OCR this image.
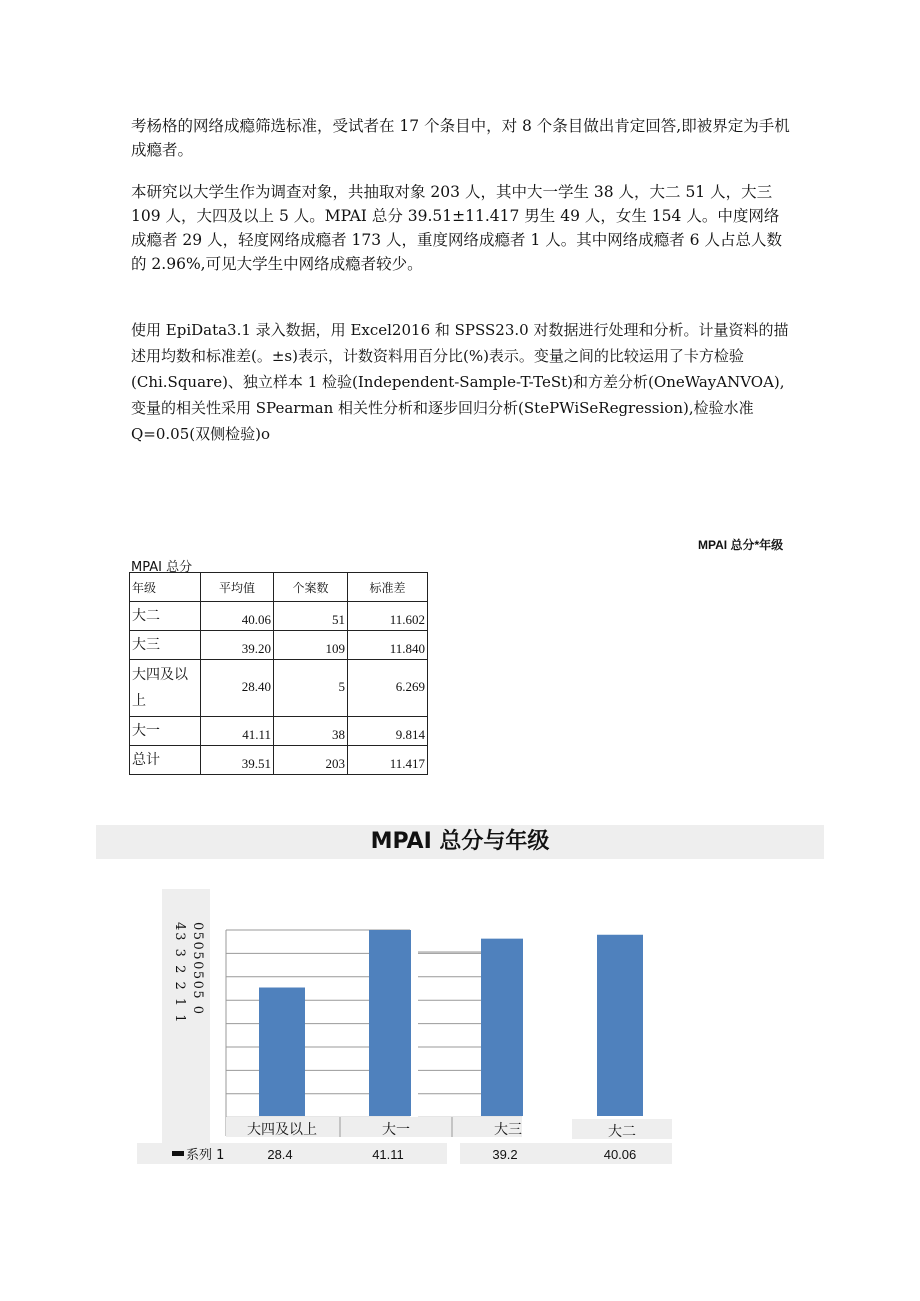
考杨格的网络成瘾筛选标准，受试者在 17 个条目中，对 8 个条目做出肯定回答,即被界定为手机成瘾者。

本研究以大学生作为调查对象，共抽取对象 203 人，其中大一学生 38 人，大二 51 人，大三 109 人，大四及以上 5 人。MPAI 总分 39.51±11.417 男生 49 人，女生 154 人。中度网络成瘾者 29 人，轻度网络成瘾者 173 人，重度网络成瘾者 1 人。其中网络成瘾者 6 人占总人数的 2.96%,可见大学生中网络成瘾者较少。

使用 EpiData3.1 录入数据，用 Excel2016 和 SPSS23.0 对数据进行处理和分析。计量资料的描述用均数和标准差(。±s)表示，计数资料用百分比(%)表示。变量之间的比较运用了卡方检验(Chi.Square)、独立样本 1 检验(Independent-Sample-T-TeSt)和方差分析(OneWayANVOA),变量的相关性采用 SPearman 相关性分析和逐步回归分析(StePWiSeRegression),检验水准 Q=0.05(双侧检验)o

MPAI 总分*年级
MPAI 总分
年级	平均值	个案数	标准差
大二	40.06	51	11.602
大三	39.20	109	11.840
大四及以上	28.40	5	6.269
大一	41.11	38	9.814
总计	39.51	203	11.417
MPAI 总分与年级
43 3 2 2 1 1 05050505 0
大四及以上	大一	大三	大二
系列 1	28.4	41.11	39.2	40.06
